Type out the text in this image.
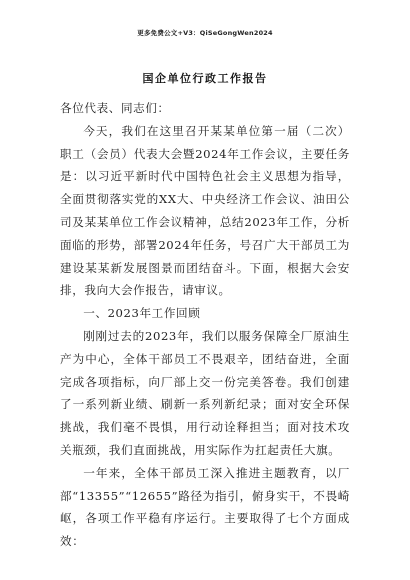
更多免费公文+V3：QiSeGongWen2024
国企单位行政工作报告

各位代表、同志们：

今天，我们在这里召开某某单位第一届（二次）职工（会员）代表大会暨2024年工作会议，主要任务是：以习近平新时代中国特色社会主义思想为指导，全面贯彻落实党的XX大、中央经济工作会议、油田公司及某某单位工作会议精神，总结2023年工作，分析面临的形势，部署2024年任务，号召广大干部员工为建设某某新发展图景而团结奋斗。下面，根据大会安排，我向大会作报告，请审议。

一、2023年工作回顾

刚刚过去的2023年，我们以服务保障全厂原油生产为中心，全体干部员工不畏艰辛，团结奋进，全面完成各项指标，向厂部上交一份完美答卷。我们创建了一系列新业绩、刷新一系列新纪录；面对安全环保挑战，我们毫不畏惧，用行动诠释担当；面对技术攻关瓶颈，我们直面挑战，用实际作为扛起责任大旗。

一年来，全体干部员工深入推进主题教育，以厂部“13355”“12655”路径为指引，俯身实干，不畏崎岖，各项工作平稳有序运行。主要取得了七个方面成效：
